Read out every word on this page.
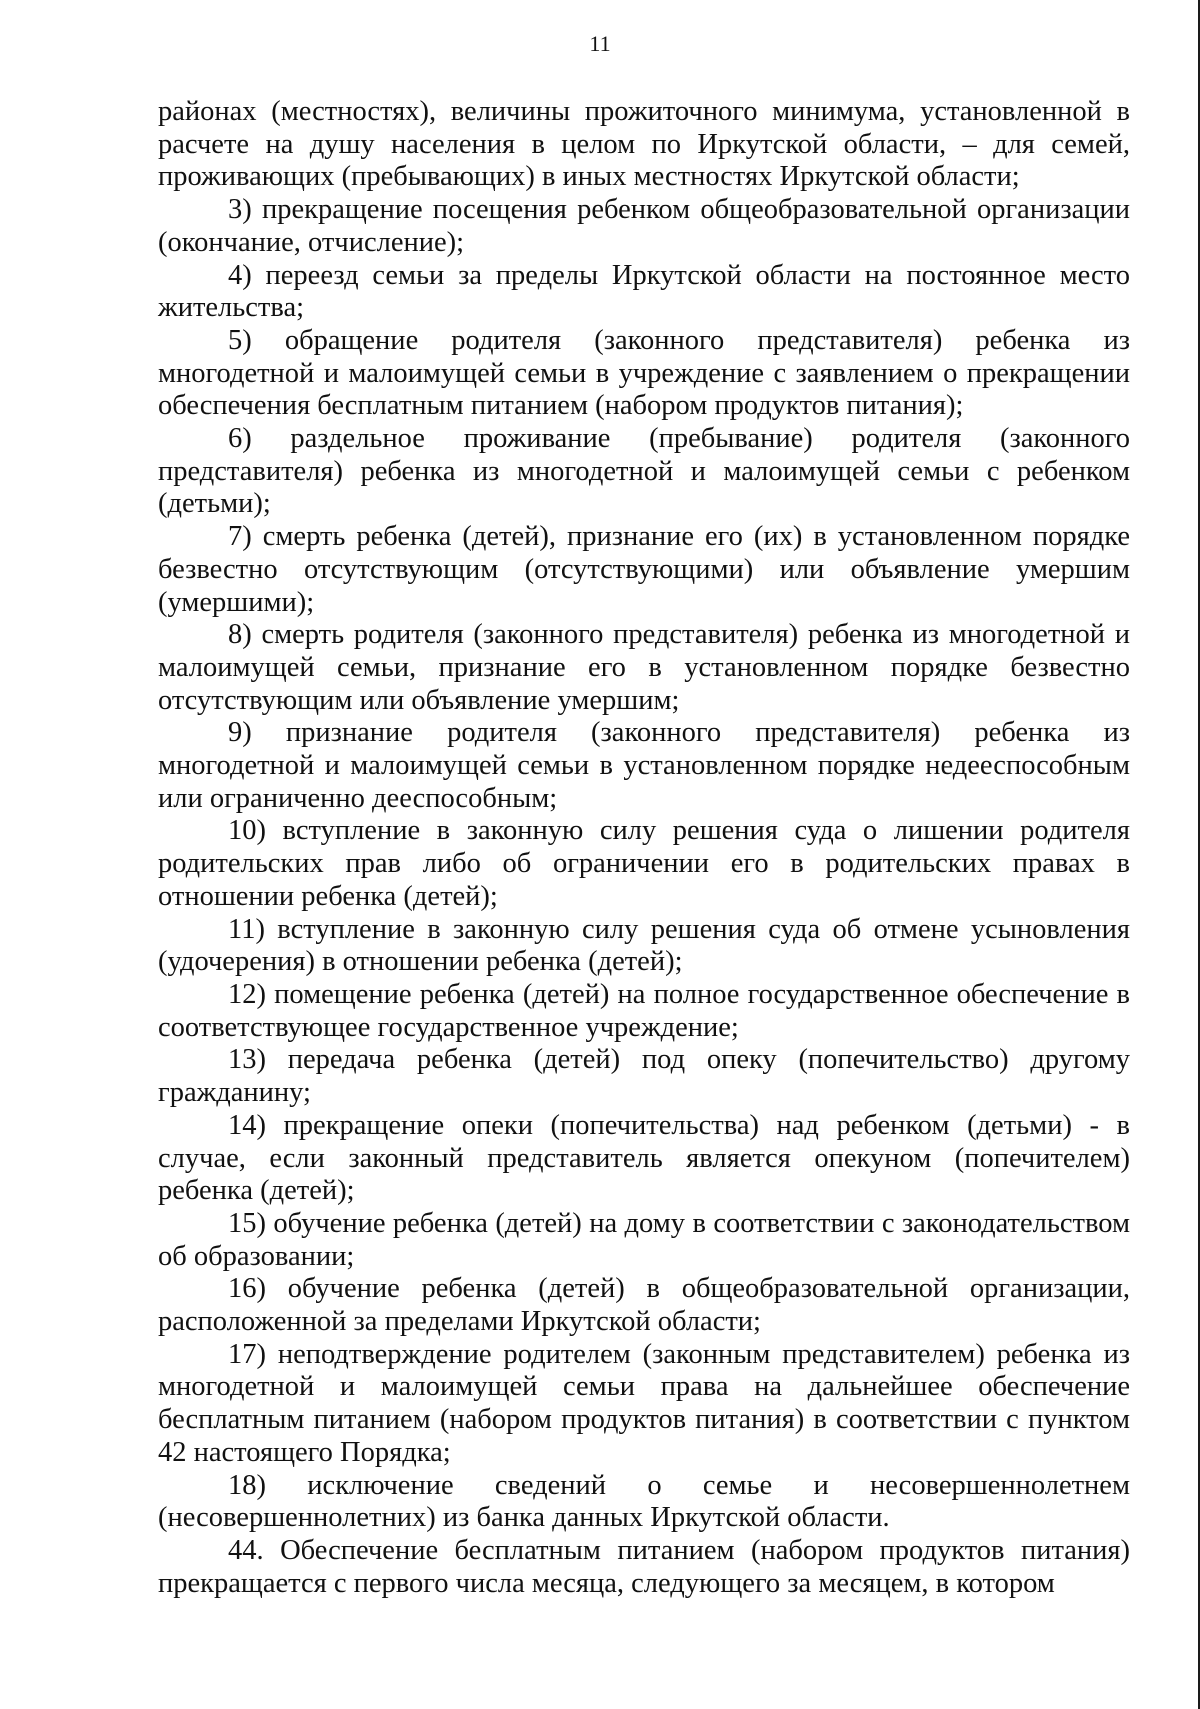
11

районах (местностях), величины прожиточного минимума, установленной в расчете на душу населения в целом по Иркутской области, – для семей, проживающих (пребывающих) в иных местностях Иркутской области;

3) прекращение посещения ребенком общеобразовательной организации (окончание, отчисление);

4) переезд семьи за пределы Иркутской области на постоянное место жительства;

5) обращение родителя (законного представителя) ребенка из многодетной и малоимущей семьи в учреждение с заявлением о прекращении обеспечения бесплатным питанием (набором продуктов питания);

6) раздельное проживание (пребывание) родителя (законного представителя) ребенка из многодетной и малоимущей семьи с ребенком (детьми);

7) смерть ребенка (детей), признание его (их) в установленном порядке безвестно отсутствующим (отсутствующими) или объявление умершим (умершими);

8) смерть родителя (законного представителя) ребенка из многодетной и малоимущей семьи, признание его в установленном порядке безвестно отсутствующим или объявление умершим;

9) признание родителя (законного представителя) ребенка из многодетной и малоимущей семьи в установленном порядке недееспособным или ограниченно дееспособным;

10) вступление в законную силу решения суда о лишении родителя родительских прав либо об ограничении его в родительских правах в отношении ребенка (детей);

11) вступление в законную силу решения суда об отмене усыновления (удочерения) в отношении ребенка (детей);

12) помещение ребенка (детей) на полное государственное обеспечение в соответствующее государственное учреждение;

13) передача ребенка (детей) под опеку (попечительство) другому гражданину;

14) прекращение опеки (попечительства) над ребенком (детьми) - в случае, если законный представитель является опекуном (попечителем) ребенка (детей);

15) обучение ребенка (детей) на дому в соответствии с законодательством об образовании;

16) обучение ребенка (детей) в общеобразовательной организации, расположенной за пределами Иркутской области;

17) неподтверждение родителем (законным представителем) ребенка из многодетной и малоимущей семьи права на дальнейшее обеспечение бесплатным питанием (набором продуктов питания) в соответствии с пунктом 42 настоящего Порядка;

18) исключение сведений о семье и несовершеннолетнем (несовершеннолетних) из банка данных Иркутской области.

44. Обеспечение бесплатным питанием (набором продуктов питания) прекращается с первого числа месяца, следующего за месяцем, в котором
